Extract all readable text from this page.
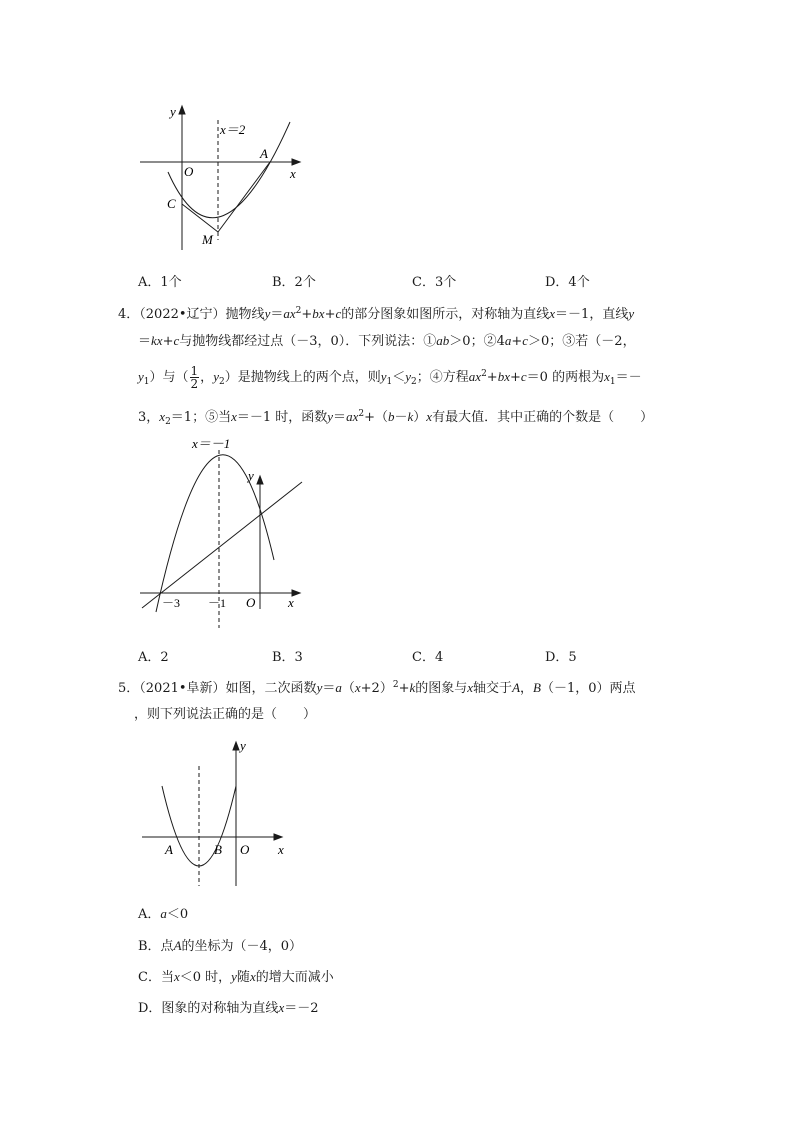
y
x
O
x＝2
A
C
M
A．1个	B．2个	C．3个	D．4个
4．（2022•辽宁）抛物线$y=ax^2+bx+c$的部分图象如图所示，对称轴为直线x＝－1，直线y
＝kx+c与抛物线都经过点（－3，0）．下列说法：①ab＞0；②4a+c＞0；③若（－2，
$y_1$）与（ $\frac{1}{2}$ ，$y_2$）是抛物线上的两个点，则$y_1<y_2$；④方程$ax^2+bx+c=0$ 的两根为$x_1=-$
3，$x_2=1$；⑤当x＝－1 时，函数$y=ax^2+(b-k)x$有最大值．其中正确的个数是（　　）
x＝－1
y
x
O
－3 －1
A．2	B．3	C．4	D．5
5．（2021•阜新）如图，二次函数$y=a(x+2)^2+k$的图象与x轴交于A，B（－1，0）两点
，则下列说法正确的是（　　）
y
x
O
A	B
A．a＜0
B．点A的坐标为（－4，0）
C．当x＜0 时，y随x的增大而减小
D．图象的对称轴为直线x＝－2
